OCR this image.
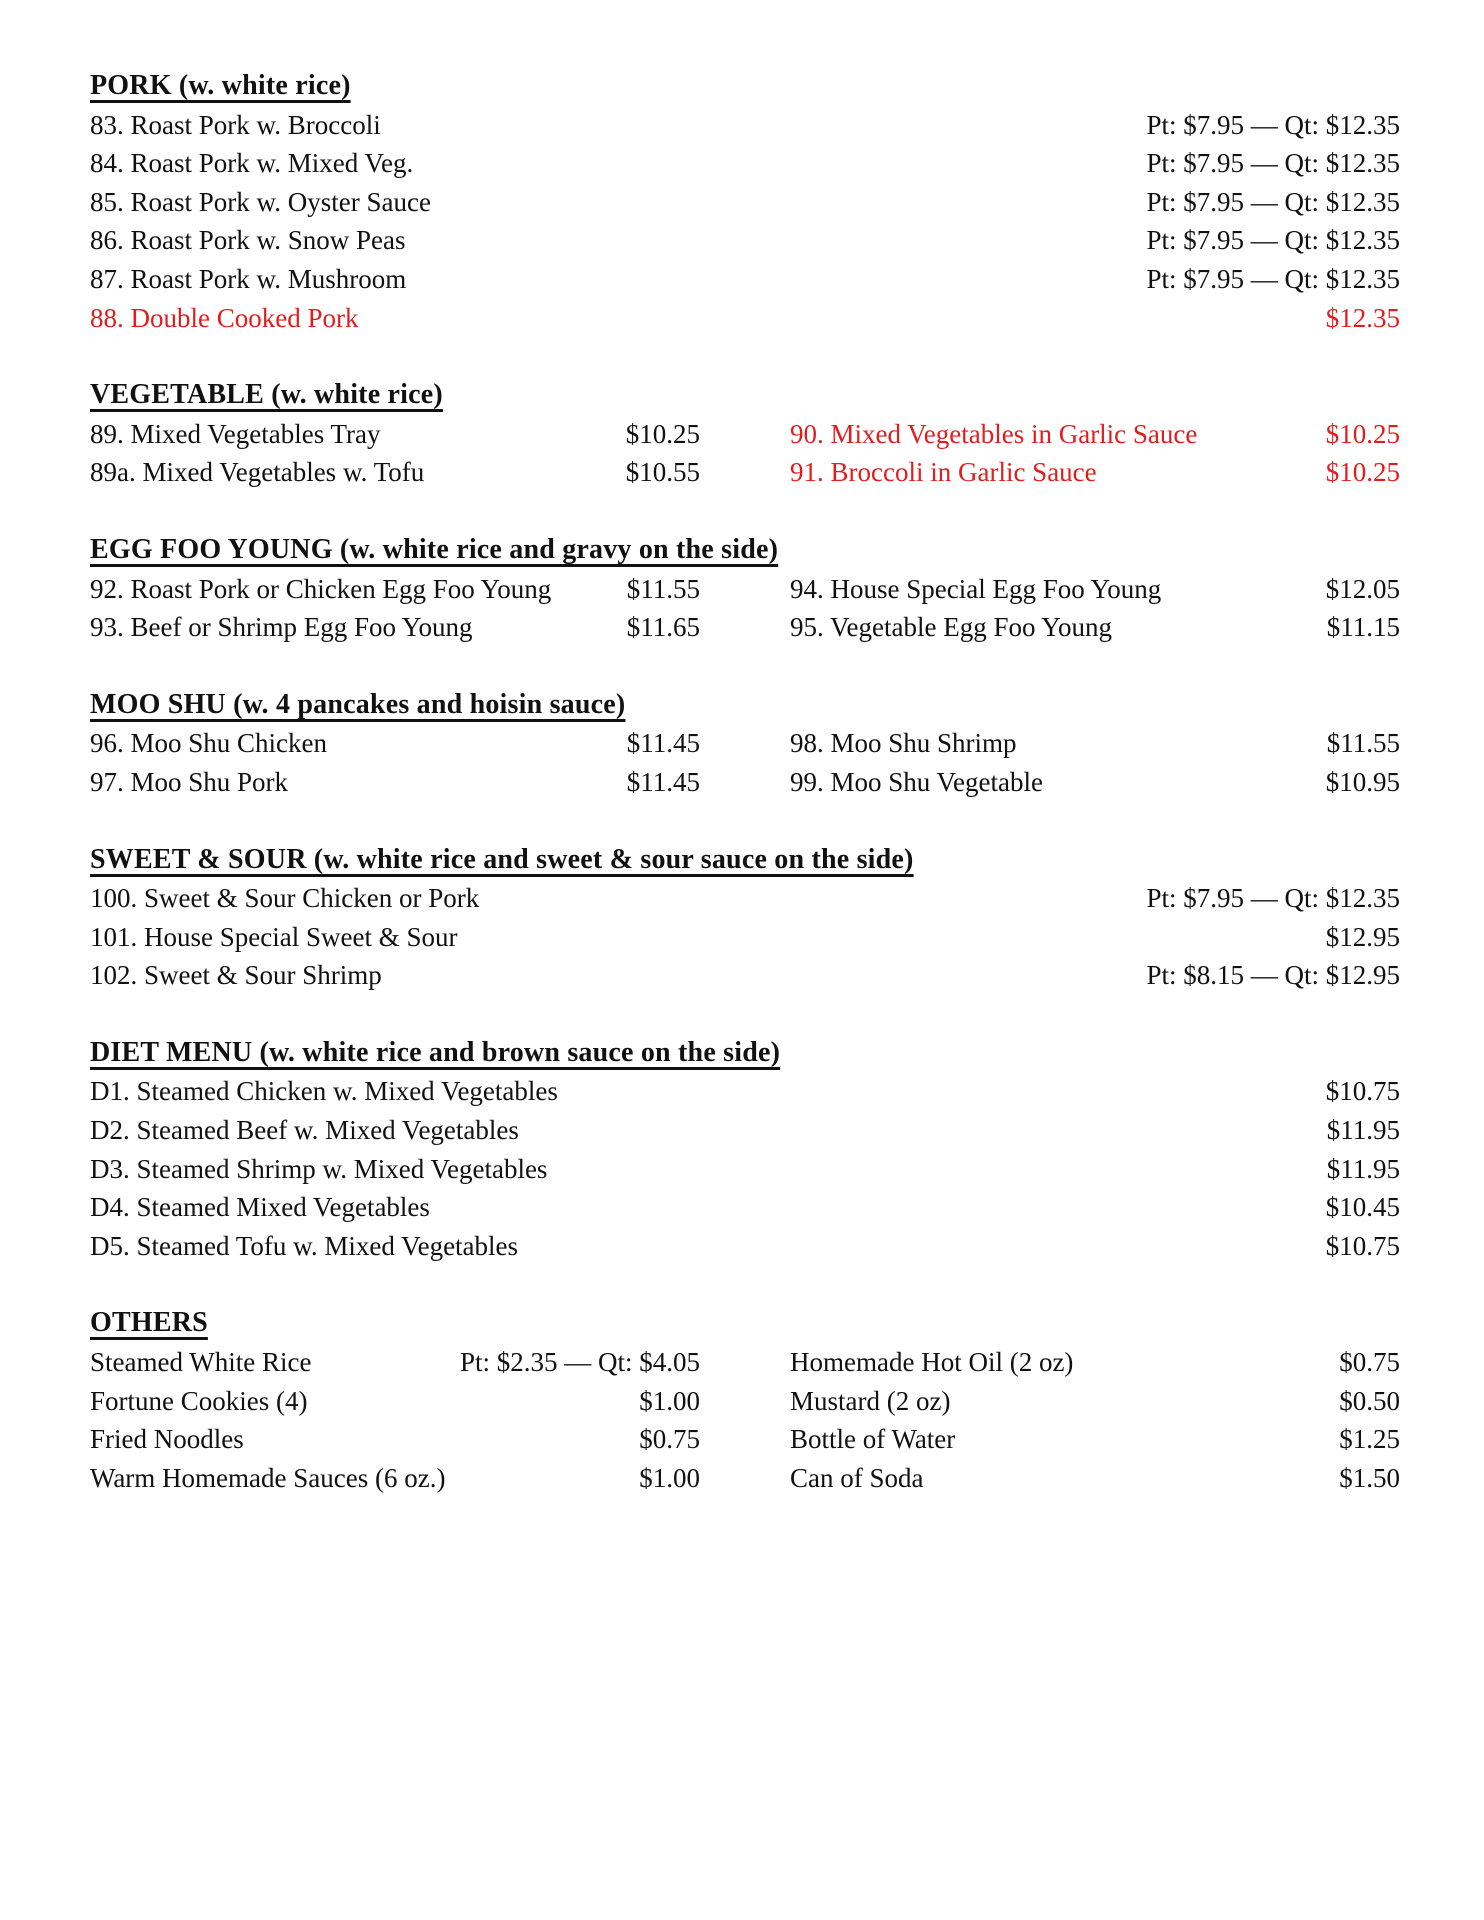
PORK (w. white rice)
83. Roast Pork w. Broccoli	Pt: $7.95 — Qt: $12.35
84. Roast Pork w. Mixed Veg.	Pt: $7.95 — Qt: $12.35
85. Roast Pork w. Oyster Sauce	Pt: $7.95 — Qt: $12.35
86. Roast Pork w. Snow Peas	Pt: $7.95 — Qt: $12.35
87. Roast Pork w. Mushroom	Pt: $7.95 — Qt: $12.35
88. Double Cooked Pork	$12.35
VEGETABLE (w. white rice)
89. Mixed Vegetables Tray	$10.25	90. Mixed Vegetables in Garlic Sauce	$10.25
89a. Mixed Vegetables w. Tofu	$10.55	91. Broccoli in Garlic Sauce	$10.25
EGG FOO YOUNG (w. white rice and gravy on the side)
92. Roast Pork or Chicken Egg Foo Young	$11.55	94. House Special Egg Foo Young	$12.05
93. Beef or Shrimp Egg Foo Young	$11.65	95. Vegetable Egg Foo Young	$11.15
MOO SHU (w. 4 pancakes and hoisin sauce)
96. Moo Shu Chicken	$11.45	98. Moo Shu Shrimp	$11.55
97. Moo Shu Pork	$11.45	99. Moo Shu Vegetable	$10.95
SWEET & SOUR (w. white rice and sweet & sour sauce on the side)
100. Sweet & Sour Chicken or Pork	Pt: $7.95 — Qt: $12.35
101. House Special Sweet & Sour	$12.95
102. Sweet & Sour Shrimp	Pt: $8.15 — Qt: $12.95
DIET MENU (w. white rice and brown sauce on the side)
D1. Steamed Chicken w. Mixed Vegetables	$10.75
D2. Steamed Beef w. Mixed Vegetables	$11.95
D3. Steamed Shrimp w. Mixed Vegetables	$11.95
D4. Steamed Mixed Vegetables	$10.45
D5. Steamed Tofu w. Mixed Vegetables	$10.75
OTHERS
Steamed White Rice	Pt: $2.35 — Qt: $4.05	Homemade Hot Oil (2 oz)	$0.75
Fortune Cookies (4)	$1.00	Mustard (2 oz)	$0.50
Fried Noodles	$0.75	Bottle of Water	$1.25
Warm Homemade Sauces (6 oz.)	$1.00	Can of Soda	$1.50
